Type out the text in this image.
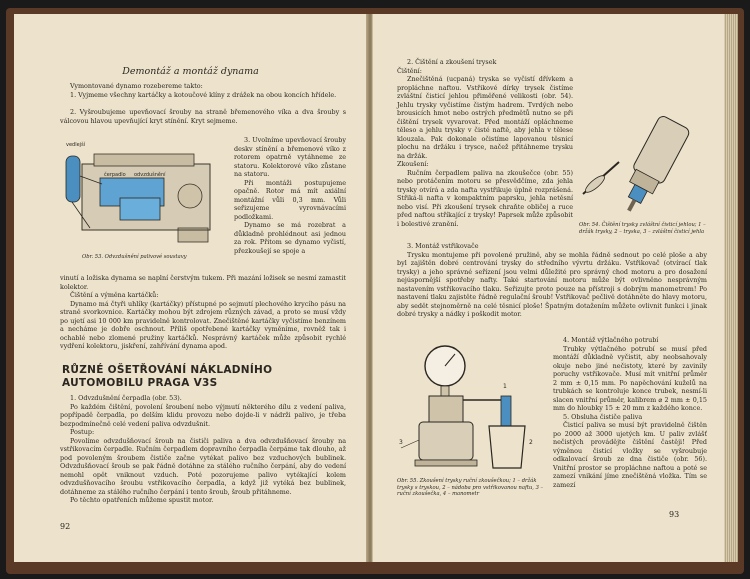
Demontáž a montáž dynama

Vymontované dynamo rozebereme takto:

1. Vyjmeme všechny kartáčky a kotoučové klíny z drážek na obou koncích hřídele.

2. Vyšroubujeme upevňovací šrouby na straně břemenového víka a dva šrouby s válcovou hlavou upevňující kryt stínění. Kryt sejmeme.

vedlejší
čerpadlo odvzdušnění
Obr. 53. Odvzdušnění palivové soustavy

3. Uvolníme upevňovací šrouby deskv stínění a břemenové víko z rotorem opatrně vytáhneme ze statoru. Kolektorové víko zůstane na statoru.

Při montáži postupujeme opačně. Rotor má mít axiální montážní vůli 0,3 mm. Vůli seřizujeme vyrovnávacími podložkami.

Dynamo se má rozebrat a důkladně prohlédnout asi jednou za rok. Přitom se dynamo vyčistí, přezkoušejí se spoje a

vinutí a ložiska dynama se naplní čerstvým tukem. Při mazání ložisek se nesmí zamastit kolektor.

Čištění a výměna kartáčků:

Dynamo má čtyři uhlíky (kartáčky) přístupné po sejmutí plechového krycího pásu na straně svorkovnice. Kartáčky mohou být zdrojem různých závad, a proto se musí vždy po ujetí asi 10 000 km pravidelně kontrolovat. Znečištěné kartáčky vyčistíme benzínem a necháme je dobře oschnout. Příliš opotřebené kartáčky vyměníme, rovněž tak i ochablé nebo zlomené pružiny kartáčků. Nesprávný kartáček může způsobit rychlé vydření kolektoru, jiskření, zahřívání dynama apod.

RŮZNÉ OŠETŘOVÁNÍ NÁKLADNÍHO
AUTOMOBILU PRAGA V3S

1. Odvzdušnění čerpadla (obr. 53).

Po každém čištění, povolení šroubení nebo výjmutí některého dílu z vedení paliva, popřípadě čerpadla, po delším klidu provozu nebo dojde-li v nádrži palivo, je třeba bezpodmínečně celé vedení paliva odvzdušnit.

Postup:

Povolíme odvzdušňovací šroub na čističi paliva a dva odvzdušňovací šrouby na vstřikovacím čerpadle. Ručním čerpadlem dopravního čerpadla čerpáme tak dlouho, až pod povoleným šroubem čističe začne vytékat palivo bez vzduchových bublinek. Odvzdušňovací šroub se pak řádně dotáhne za stálého ručního čerpání, aby do vedení nemohl opět vniknout vzduch. Poté pozorujeme palivo vytékající kolem odvzdušňovacího šroubu vstřikovacího čerpadla, a když již vytéká bez bublinek, dotáhneme za stálého ručního čerpání i tento šroub, šroub přitáhneme.

Po těchto opatřeních můžeme spustit motor.

92

2. Čištění a zkoušení trysek

Čištění:

Znečištěná (ucpaná) tryska se vyčistí dřívkem a propláchne naftou. Vstřikové dírky trysek čistíme zvláštní čisticí jehlou přiměřené velikosti (obr. 54). Jehlu trysky vyčistíme čistým hadrem. Tvrdých nebo brousicích hmot nebo ostrých předmětů nutno se při čištění trysek vyvarovat. Před montáží opláchneme těleso a jehlu trysky v čisté naftě, aby jehla v tělese klouzala. Pak dokonale očistíme lapovanou těsnicí plochu na držáku i trysce, načež přitáhneme trysku na držák.

Zkoušení:

Ručním čerpadlem paliva na zkoušečce (obr. 55) nebo protáčením motoru se přesvědčíme, zda jehla trysky otvírá a zda nafta vystřikuje úplně rozprášená. Střiká-li nafta v kompaktním paprsku, jehla netěsní nebo visí. Při zkoušení trysek chraňte obličej a ruce před naftou stříkající z trysky! Paprsek může způsobit i bolestivé zranění.	Obr. 54. Čištění trysky zvláštní čisticí jehlou; 1 – držák trysky, 2 – tryska, 3 – zvláštní čisticí jehla

3. Montáž vstřikovače

Trysku montujeme při povolené pružině, aby se mohla řádně sednout po celé ploše a aby byl zajištěn dobré centrování trysky do středního vývrtu držáku. Vstřikovač (otvírací tlak trysky) a jeho správné seřízení jsou velmi důležité pro správný chod motoru a pro dosažení nejúspornější spotřeby nafty. Také startování motoru může být ovlivněno nesprávným nastavením vstřikovacího tlaku. Seřizujte proto pouze na přístroji s dobrým manometrem! Po nastavení tlaku zajistěte řádně regulační šroub! Vstřikovač pečlivě dotáhněte do hlavy motoru, aby sedět stejnoměrně na celé těsnicí ploše! Špatným dotažením můžete ovlivnit funkci i jinak dobré trysky a nádky i poškodit motor.

1
2
3
Obr. 55. Zkoušení trysky ruční zkoušečkou; 1 – držák trysky s tryskou, 2 – nádoba pro vstřikovanou naftu, 3 – ruční zkoušečka, 4 – manometr

4. Montáž výtlačného potrubí

Trubky výtlačného potrubí se musí před montáží důkladně vyčistit, aby neobsahovaly okuje nebo jiné nečistoty, které by zavinily poruchy vstřikovače. Musí mít vnitřní průměr 2 mm ± 0,15 mm. Po napěchování kuželů na trubkách se kontroluje konce trubek, nesmí-li slacen vnitřní průměr, kalibrem ⌀ 2 mm ± 0,15 mm do hloubky 15 ± 20 mm z každého konce.

5. Obsluha čističe paliva

Čisticí paliva se musí být pravidelně čištěn po 2000 až 3000 ujetých km. U paliv zvlášť nečistých provádějte čištění častěji! Před výměnou čisticí vložky se vyšroubuje odkalovací šroub ze dna čističe (obr. 56). Vnitřní prostor se propláchne naftou a poté se zamezí vnikání jíme znečištěná vložka. Tím se zamezí

93
